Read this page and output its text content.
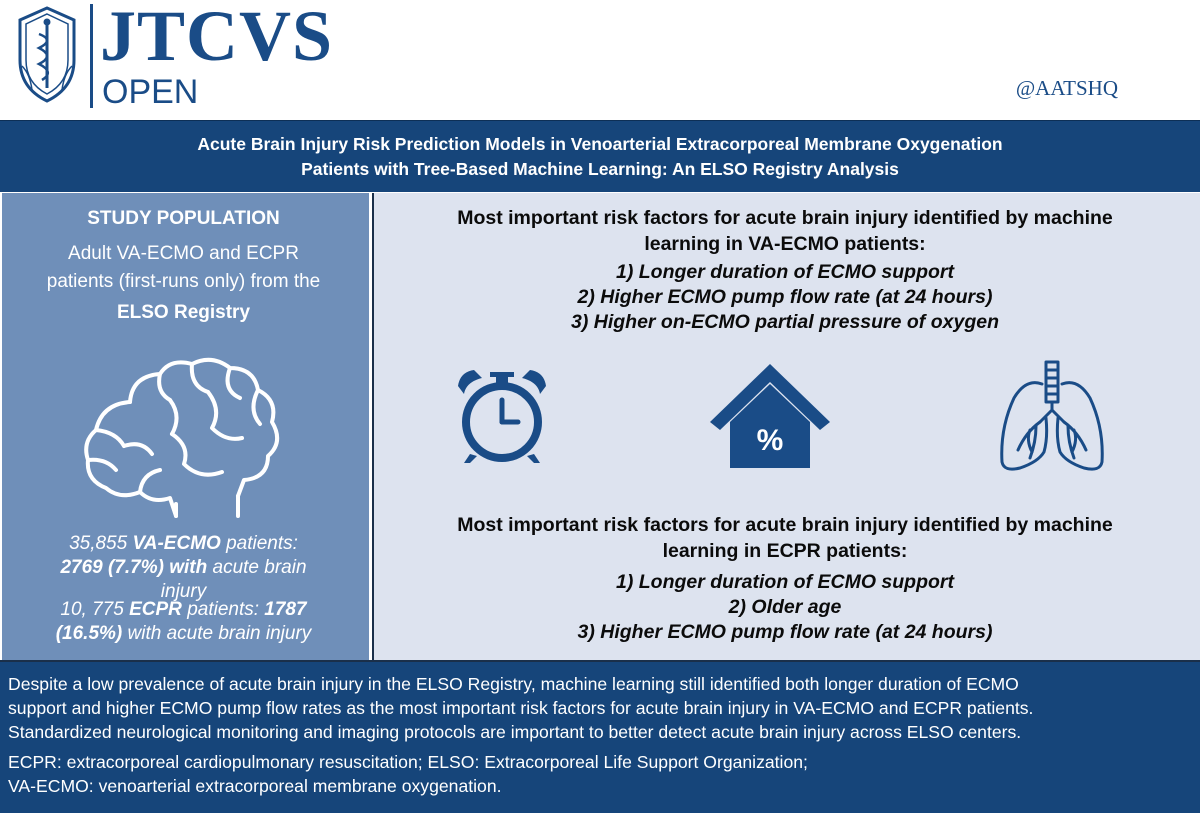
JTCVS
OPEN	@AATSHQ
Acute Brain Injury Risk Prediction Models in Venoarterial Extracorporeal Membrane Oxygenation
Patients with Tree-Based Machine Learning: An ELSO Registry Analysis
STUDY POPULATION
Adult VA-ECMO and ECPR
patients (first-runs only) from the
ELSO Registry
35,855 VA-ECMO patients:
2769 (7.7%) with acute brain
injury
10, 775 ECPR patients: 1787
(16.5%) with acute brain injury
Most important risk factors for acute brain injury identified by machine
learning in VA-ECMO patients:
1) Longer duration of ECMO support
2) Higher ECMO pump flow rate (at 24 hours)
3) Higher on-ECMO partial pressure of oxygen
%
Most important risk factors for acute brain injury identified by machine
learning in ECPR patients:
1) Longer duration of ECMO support
2) Older age
3) Higher ECMO pump flow rate (at 24 hours)
Despite a low prevalence of acute brain injury in the ELSO Registry, machine learning still identified both longer duration of ECMO
support and higher ECMO pump flow rates as the most important risk factors for acute brain injury in VA-ECMO and ECPR patients.
Standardized neurological monitoring and imaging protocols are important to better detect acute brain injury across ELSO centers.
ECPR: extracorporeal cardiopulmonary resuscitation; ELSO: Extracorporeal Life Support Organization;
VA-ECMO: venoarterial extracorporeal membrane oxygenation.
